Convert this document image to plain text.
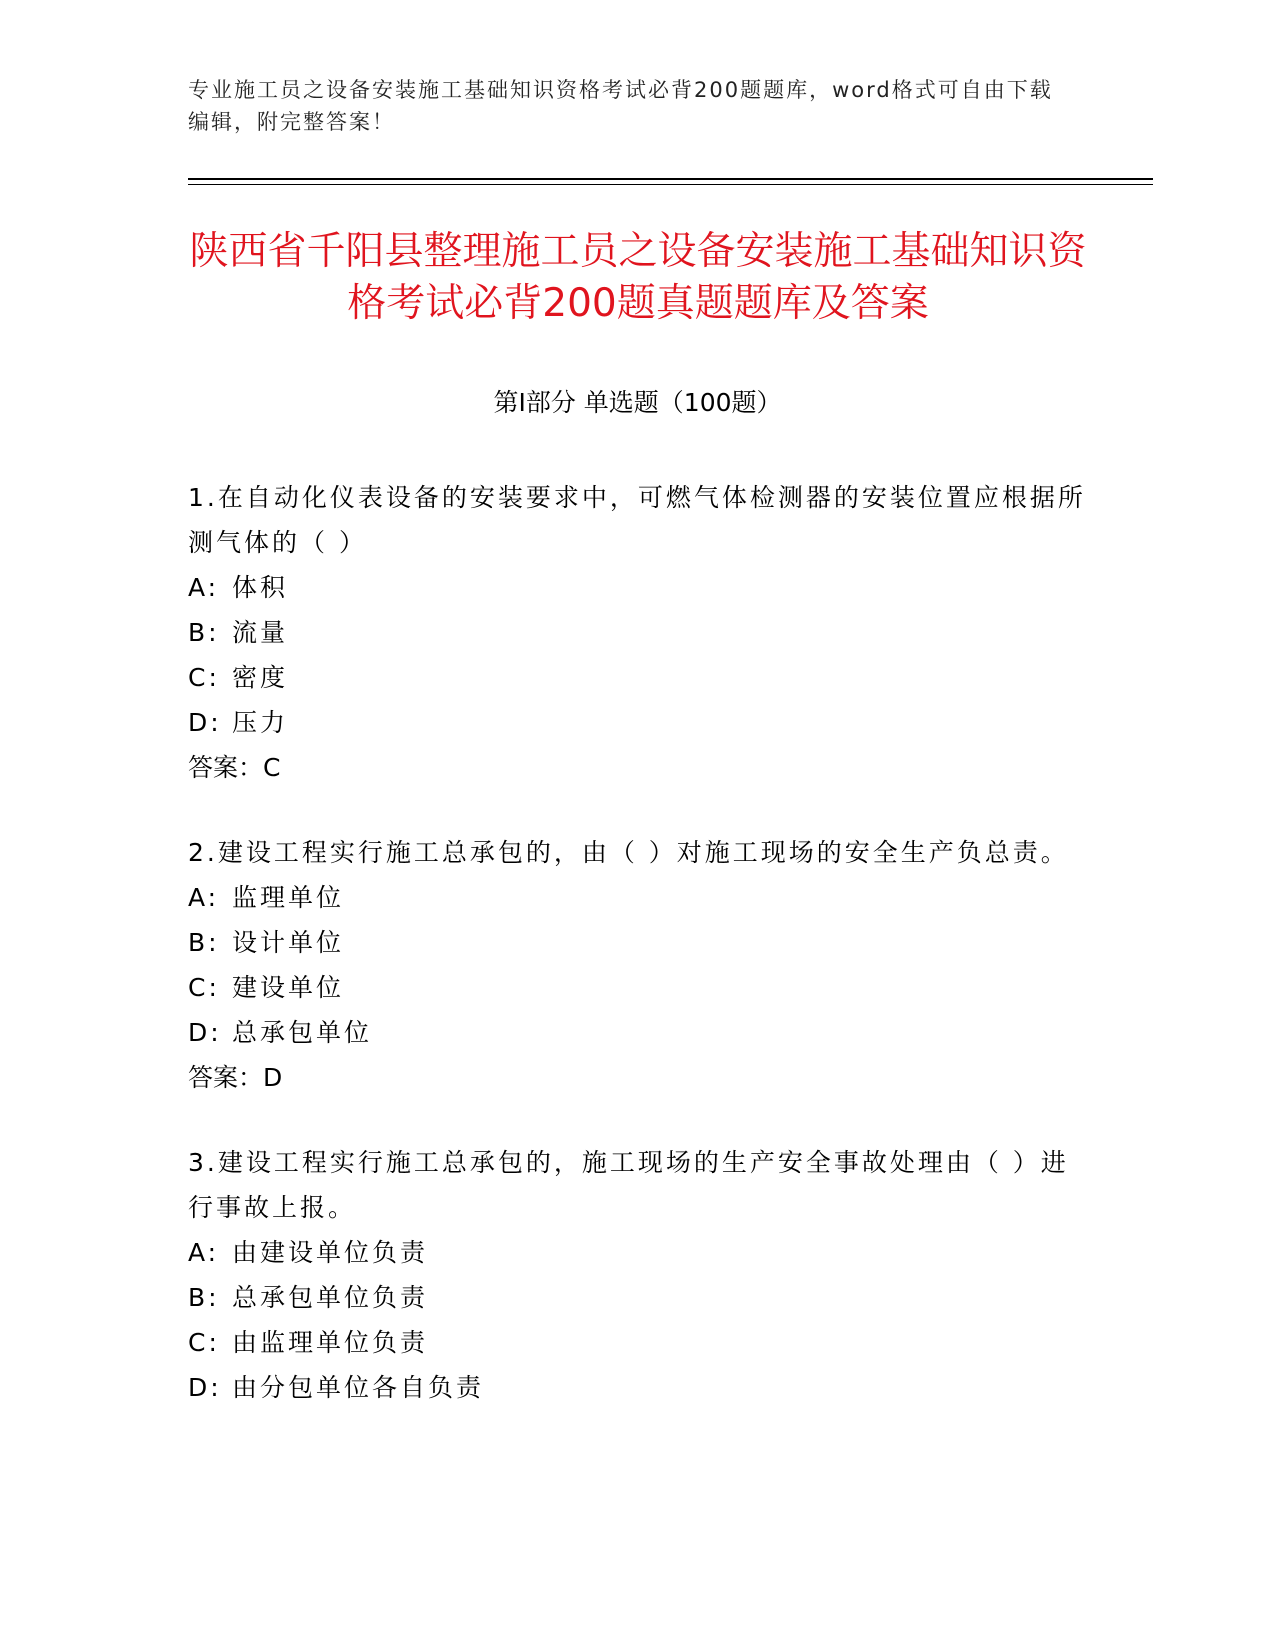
专业施工员之设备安装施工基础知识资格考试必背200题题库，word格式可自由下载编辑，附完整答案！
陕西省千阳县整理施工员之设备安装施工基础知识资格考试必背200题真题题库及答案
第Ⅰ部分 单选题（100题）

1.在自动化仪表设备的安装要求中，可燃气体检测器的安装位置应根据所测气体的（ ）

A: 体积

B: 流量

C: 密度

D: 压力

答案：C

2.建设工程实行施工总承包的，由（ ）对施工现场的安全生产负总责。

A: 监理单位

B: 设计单位

C: 建设单位

D: 总承包单位

答案：D

3.建设工程实行施工总承包的，施工现场的生产安全事故处理由（ ）进行事故上报。

A: 由建设单位负责

B: 总承包单位负责

C: 由监理单位负责

D: 由分包单位各自负责
